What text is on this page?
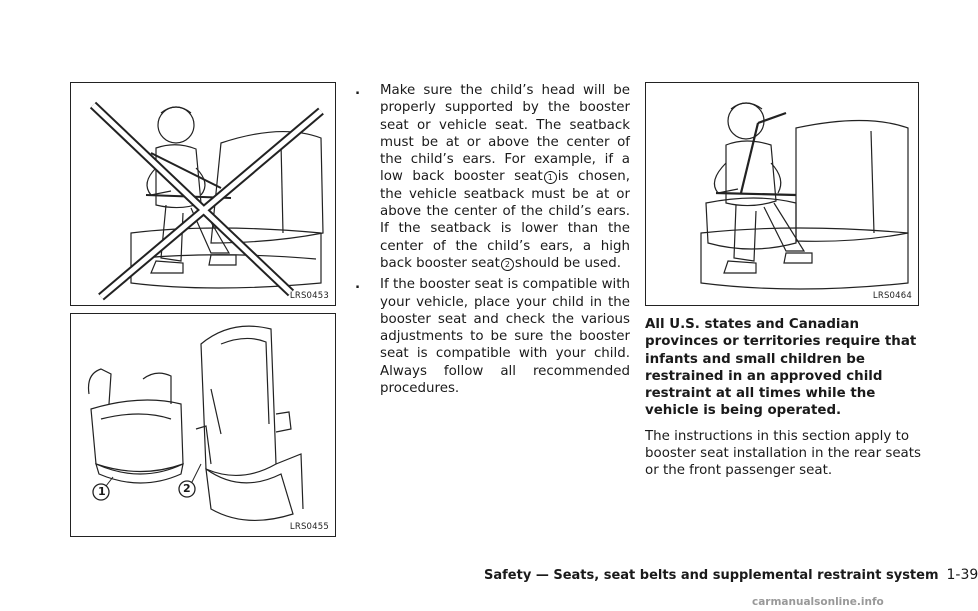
LRS0453
1	2
LRS0455
LRS0464
. Make sure the child’s head will be properly supported by the booster seat or vehicle seat. The seatback must be at or above the center of the child’s ears. For example, if a low back booster seat 1 is chosen, the vehicle seatback must be at or above the center of the child’s ears. If the seatback is lower than the center of the child’s ears, a high back booster seat 2 should be used.
. If the booster seat is compatible with your vehicle, place your child in the booster seat and check the various adjustments to be sure the booster seat is compatible with your child. Always follow all recommended procedures.

All U.S. states and Canadian provinces or territories require that infants and small children be restrained in an approved child restraint at all times while the vehicle is being operated.

The instructions in this section apply to booster seat installation in the rear seats or the front passenger seat.

Safety — Seats, seat belts and supplemental restraint system 1-39
carmanualsonline.info
